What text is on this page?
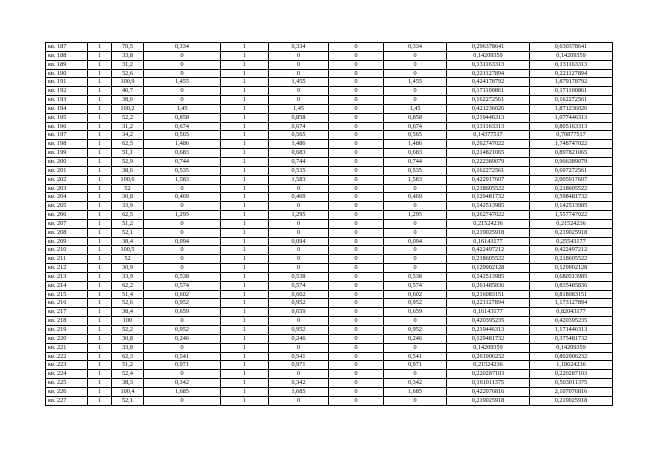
кв. 187	1	70,5	0,334	1	0,334	0	0,334	0,296378641	0,630378641
кв. 188	1	33,8	0	1	0	0	0	0,14209359	0,14209359
кв. 189	1	31,2	0	1	0	0	0	0,131163313	0,131163313
кв. 190	1	52,6	0	1	0	0	0	0,221127894	0,221127894
кв. 191	1	100,9	1,455	1	1,455	0	1,455	0,424178792	1,879178792
кв. 192	1	40,7	0	1	0	0	0	0,171100861	0,171100861
кв. 193	1	38,6	0	1	0	0	0	0,162272561	0,162272561
кв. 194	1	100,2	1,45	1	1,45	0	1,45	0,421236026	1,871236026
кв. 195	1	52,2	0,858	1	0,858	0	0,858	0,219446313	1,077446313
кв. 196	1	31,2	0,674	1	0,674	0	0,674	0,131163313	0,805163313
кв. 197	1	34,2	0,565	1	0,565	0	0,565	0,14377517	0,70877517
кв. 198	1	62,5	1,486	1	1,486	0	1,486	0,262747022	1,748747022
кв. 199	1	51,1	0,683	1	0,683	0	0,683	0,214821065	0,897821065
кв. 200	1	52,9	0,744	1	0,744	0	0,744	0,222389079	0,966389079
кв. 201	1	38,6	0,535	1	0,535	0	0,535	0,162272561	0,697272561
кв. 202	1	100,6	1,583	1	1,583	0	1,583	0,422917607	2,005917607
кв. 203	1	52	0	1	0	0	0	0,218605522	0,218605522
кв. 204	1	30,8	0,469	1	0,469	0	0,469	0,129481732	0,598481732
кв. 205	1	33,9	0	1	0	0	0	0,142513985	0,142513985
кв. 206	1	62,5	1,295	1	1,295	0	1,295	0,262747022	1,557747022
кв. 207	1	51,2	0	1	0	0	0	0,21524236	0,21524236
кв. 208	1	52,1	0	1	0	0	0	0,219025918	0,219025918
кв. 209	1	38,4	0,094	1	0,094	0	0,094	0,16143177	0,25543177
кв. 210	1	100,5	0	1	0	0	0	0,422497212	0,422497212
кв. 211	1	52	0	1	0	0	0	0,218605522	0,218605522
кв. 212	1	30,9	0	1	0	0	0	0,129902128	0,129902128
кв. 213	1	33,9	0,538	1	0,538	0	0,538	0,142513985	0,680513985
кв. 214	1	62,2	0,574	1	0,574	0	0,574	0,261485836	0,835485836
кв. 215	1	51,4	0,602	1	0,602	0	0,602	0,216083151	0,818083151
кв. 216	1	52,6	0,952	1	0,952	0	0,952	0,221127894	1,173127894
кв. 217	1	38,4	0,659	1	0,659	0	0,659	0,16143177	0,82043177
кв. 218	1	100	0	1	0	0	0	0,420395235	0,420395235
кв. 219	1	52,2	0,952	1	0,952	0	0,952	0,219446313	1,171446313
кв. 220	1	30,8	0,246	1	0,246	0	0,246	0,129481732	0,375481732
кв. 221	1	33,8	0	1	0	0	0	0,14209359	0,14209359
кв. 222	1	62,3	0,541	1	0,541	0	0,541	0,261906232	0,802906232
кв. 223	1	51,2	0,971	1	0,971	0	0,971	0,21524236	1,18624236
кв. 224	1	52,4	0	1	0	0	0	0,220287103	0,220287103
кв. 225	1	38,3	0,342	1	0,342	0	0,342	0,161011375	0,503011375
кв. 226	1	100,4	1,685	1	1,685	0	1,685	0,422076816	2,107076816
кв. 227	1	52,1	0	1	0	0	0	0,219025918	0,219025918
